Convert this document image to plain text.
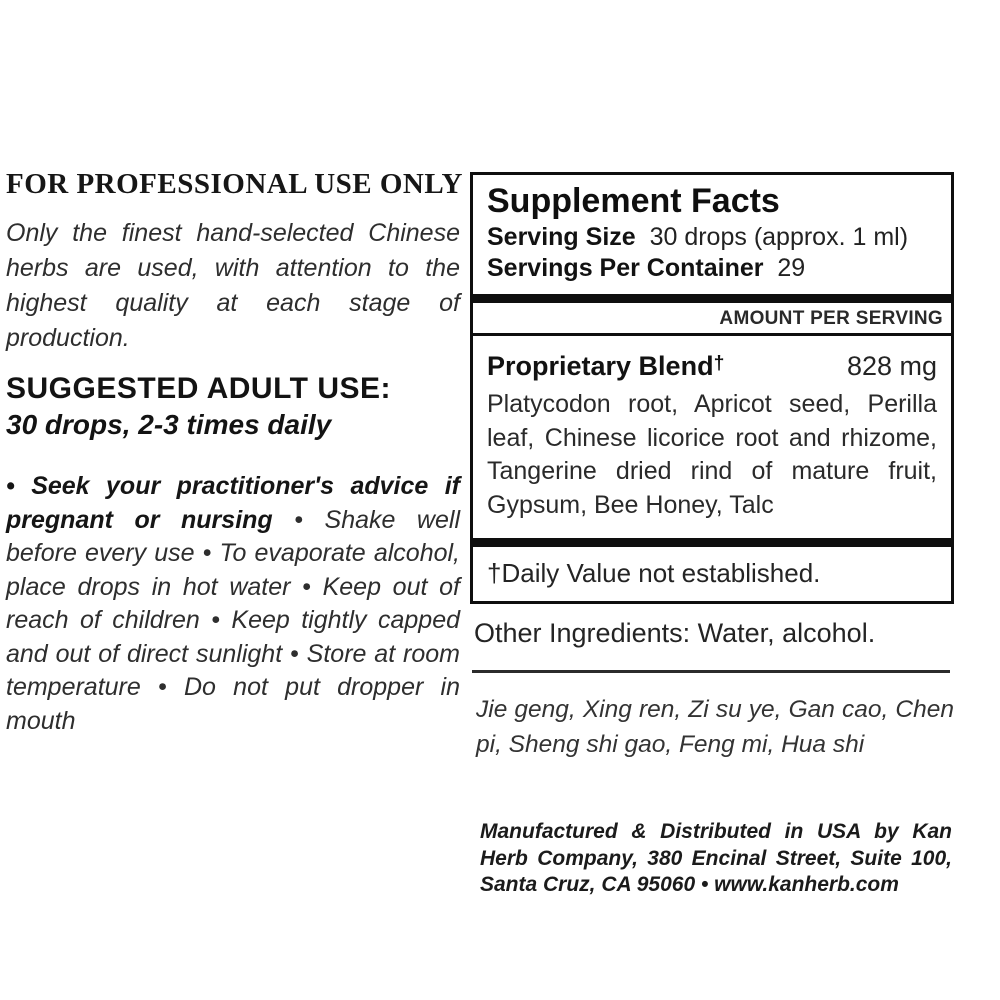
FOR PROFESSIONAL USE ONLY

Only the finest hand-selected Chinese herbs are used, with attention to the highest quality at each stage of production.

SUGGESTED ADULT USE:
30 drops, 2-3 times daily

• Seek your practitioner's advice if pregnant or nursing • Shake well before every use • To evaporate alcohol, place drops in hot water • Keep out of reach of children • Keep tightly capped and out of direct sunlight • Store at room temperature • Do not put dropper in mouth

Supplement Facts
Serving Size 30 drops (approx. 1 ml)
Servings Per Container 29
AMOUNT PER SERVING
Proprietary Blend†	828 mg

Platycodon root, Apricot seed, Perilla leaf, Chinese licorice root and rhizome, Tangerine dried rind of mature fruit, Gypsum, Bee Honey, Talc

†Daily Value not established.

Other Ingredients: Water, alcohol.

Jie geng, Xing ren, Zi su ye, Gan cao, Chen pi, Sheng shi gao, Feng mi, Hua shi

Manufactured & Distributed in USA by Kan Herb Company, 380 Encinal Street, Suite 100, Santa Cruz, CA 95060 • www.kanherb.com
